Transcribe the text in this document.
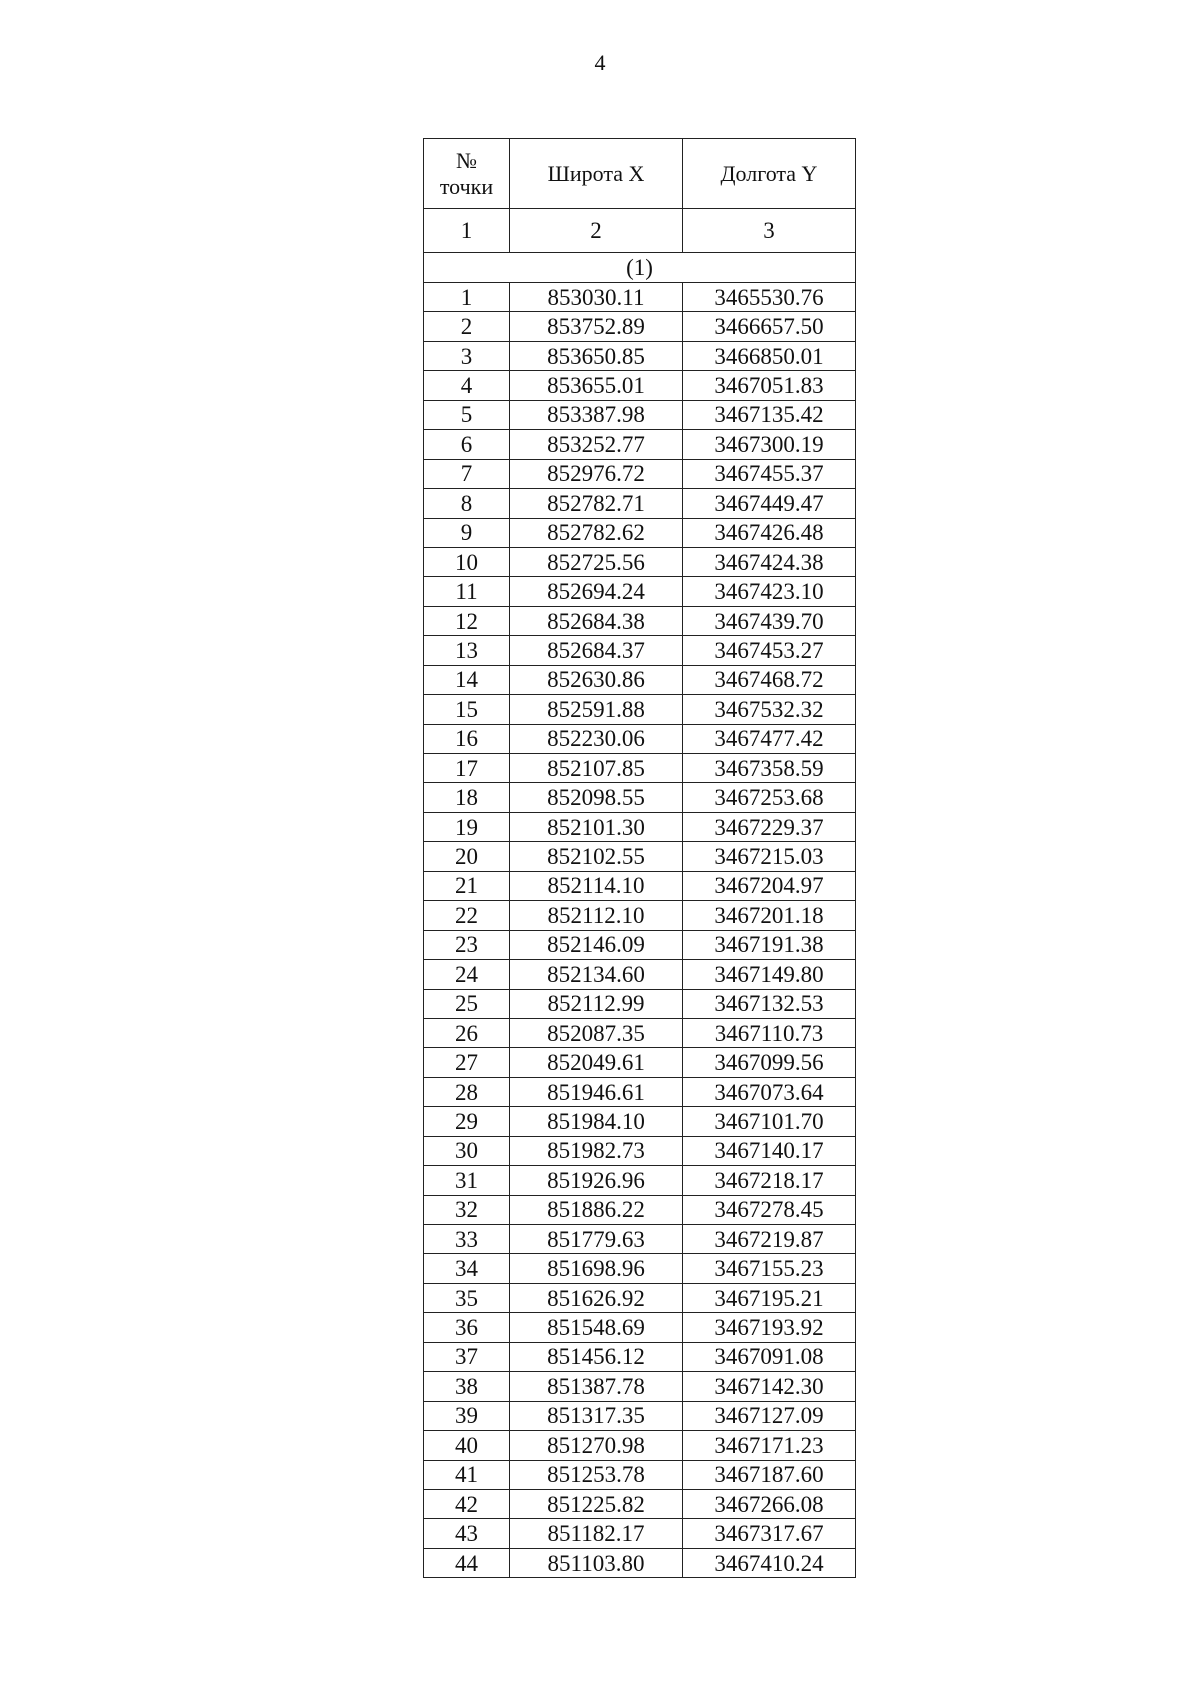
4
№ точки	Широта X	Долгота Y
1	2	3
(1)		
1	853030.11	3465530.76
2	853752.89	3466657.50
3	853650.85	3466850.01
4	853655.01	3467051.83
5	853387.98	3467135.42
6	853252.77	3467300.19
7	852976.72	3467455.37
8	852782.71	3467449.47
9	852782.62	3467426.48
10	852725.56	3467424.38
11	852694.24	3467423.10
12	852684.38	3467439.70
13	852684.37	3467453.27
14	852630.86	3467468.72
15	852591.88	3467532.32
16	852230.06	3467477.42
17	852107.85	3467358.59
18	852098.55	3467253.68
19	852101.30	3467229.37
20	852102.55	3467215.03
21	852114.10	3467204.97
22	852112.10	3467201.18
23	852146.09	3467191.38
24	852134.60	3467149.80
25	852112.99	3467132.53
26	852087.35	3467110.73
27	852049.61	3467099.56
28	851946.61	3467073.64
29	851984.10	3467101.70
30	851982.73	3467140.17
31	851926.96	3467218.17
32	851886.22	3467278.45
33	851779.63	3467219.87
34	851698.96	3467155.23
35	851626.92	3467195.21
36	851548.69	3467193.92
37	851456.12	3467091.08
38	851387.78	3467142.30
39	851317.35	3467127.09
40	851270.98	3467171.23
41	851253.78	3467187.60
42	851225.82	3467266.08
43	851182.17	3467317.67
44	851103.80	3467410.24
